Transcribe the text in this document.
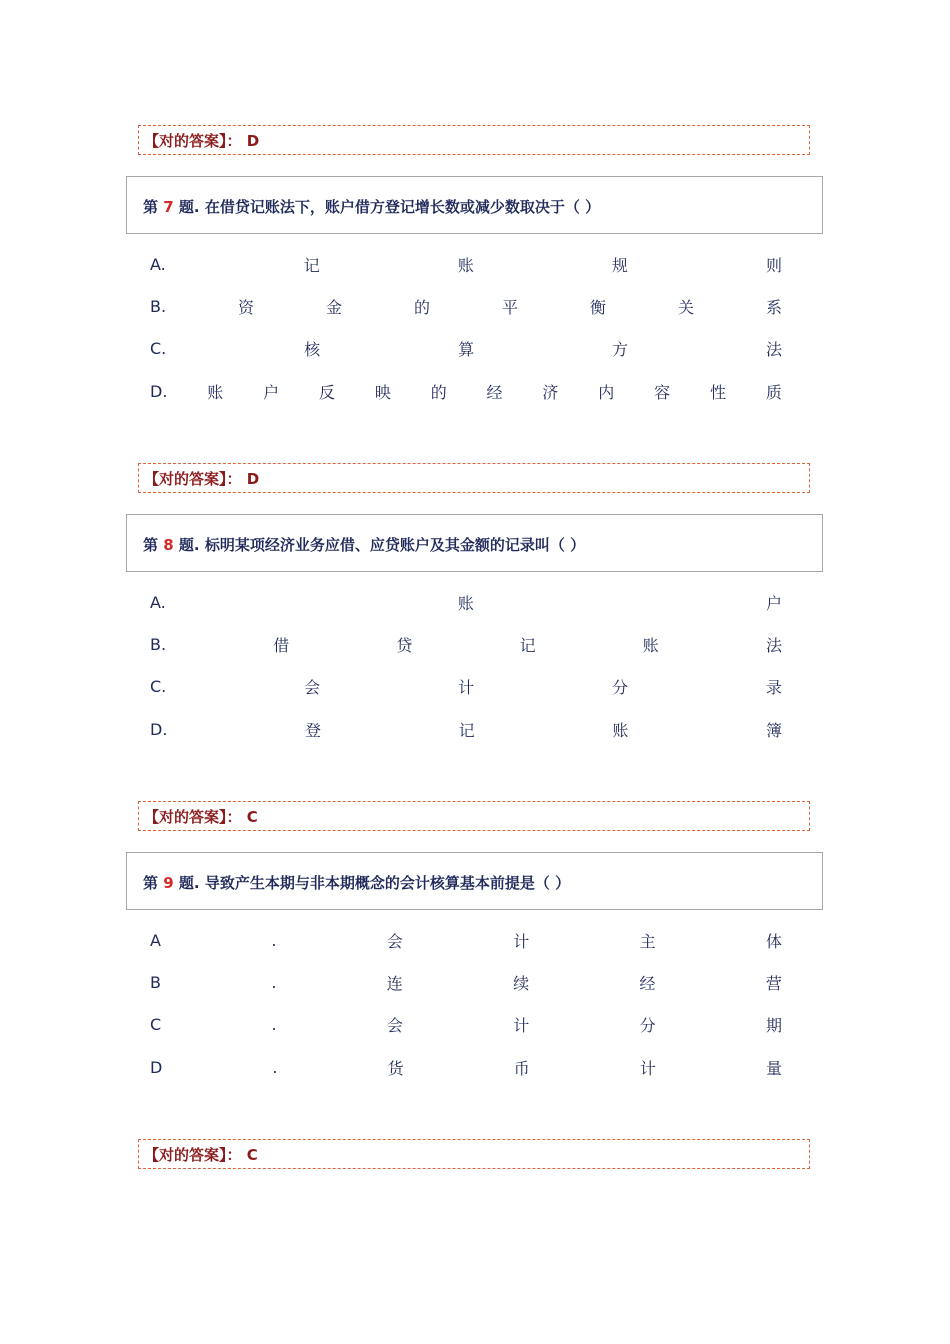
【对的答案】： D
第 7 题. 在借贷记账法下，账户借方登记增长数或减少数取决于（ ）
A.	记	账	规	则
B.	资	金	的	平	衡	关	系
C.	核	算	方	法
D. 账 户 反 映 的 经 济 内 容 性 质
【对的答案】： D
第 8 题. 标明某项经济业务应借、应贷账户及其金额的记录叫（ ）
A.	账	户
B.	借	贷	记	账	法
C.	会	计	分	录
D.	登	记	账	簿
【对的答案】： C
第 9 题. 导致产生本期与非本期概念的会计核算基本前提是（ ）
A	.	会	计	主	体
B	.	连	续	经	营
C	.	会	计	分	期
D	.	货	币	计	量
【对的答案】： C
